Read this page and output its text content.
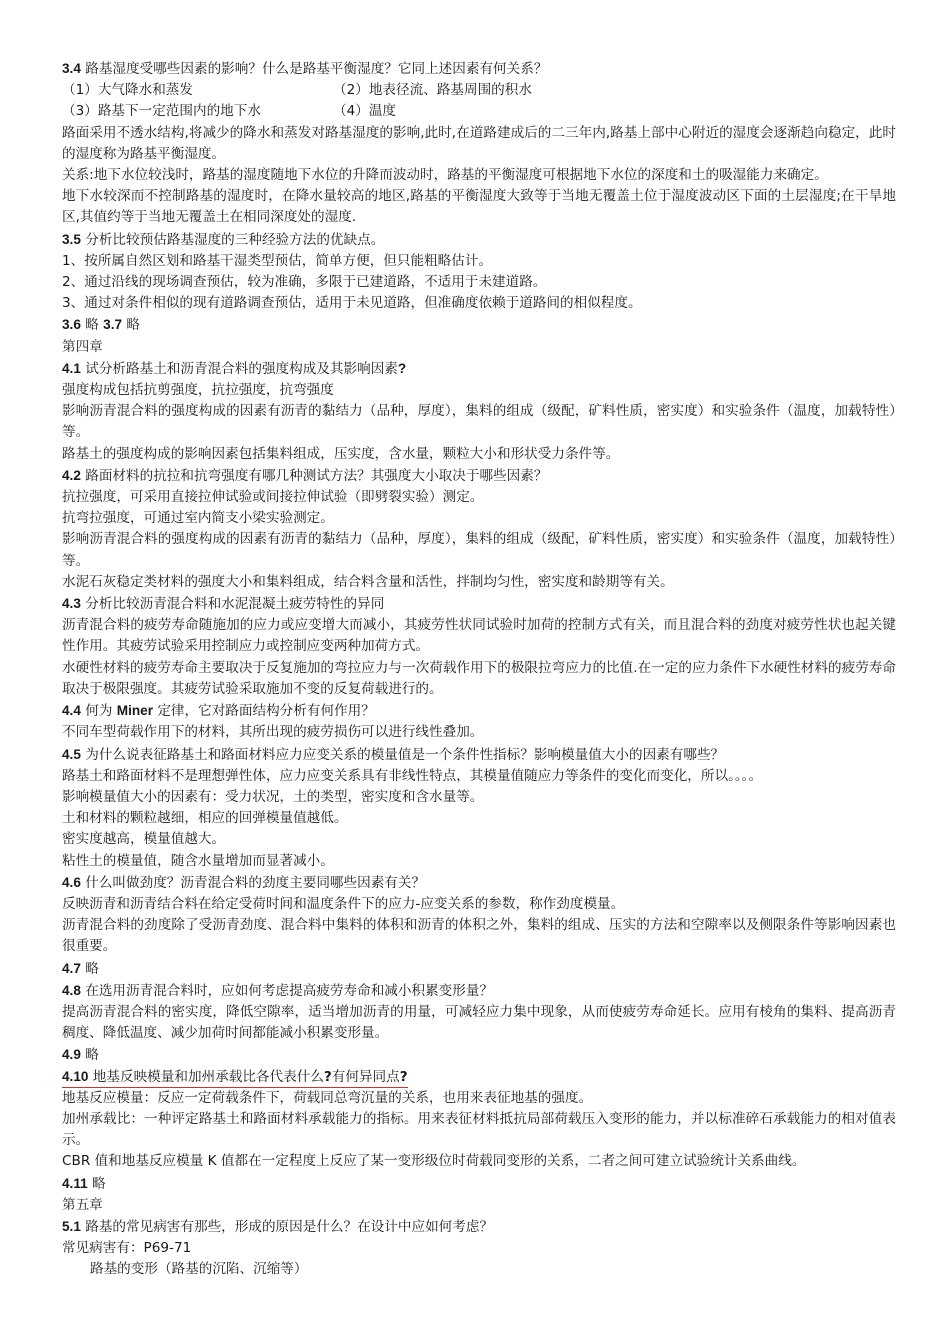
3.4 路基湿度受哪些因素的影响？什么是路基平衡湿度？它同上述因素有何关系？

（1）大气降水和蒸发	（2）地表径流、路基周围的积水
（3）路基下一定范围内的地下水	（4）温度

路面采用不透水结构,将减少的降水和蒸发对路基湿度的影响,此时,在道路建成后的二三年内,路基上部中心附近的湿度会逐渐趋向稳定，此时的湿度称为路基平衡湿度。

关系:地下水位较浅时，路基的湿度随地下水位的升降而波动时，路基的平衡湿度可根据地下水位的深度和土的吸湿能力来确定。

地下水较深而不控制路基的湿度时，在降水量较高的地区,路基的平衡湿度大致等于当地无覆盖土位于湿度波动区下面的土层湿度;在干旱地区,其值约等于当地无覆盖土在相同深度处的湿度.

3.5 分析比较预估路基湿度的三种经验方法的优缺点。

1、按所属自然区划和路基干湿类型预估，简单方便，但只能粗略估计。

2、通过沿线的现场调查预估，较为准确，多限于已建道路，不适用于未建道路。

3、通过对条件相似的现有道路调查预估，适用于未见道路，但准确度依赖于道路间的相似程度。

3.6 略 3.7 略

第四章

4.1 试分析路基土和沥青混合料的强度构成及其影响因素?

强度构成包括抗剪强度，抗拉强度，抗弯强度

影响沥青混合料的强度构成的因素有沥青的黏结力（品种，厚度），集料的组成（级配，矿料性质，密实度）和实验条件（温度，加载特性）等。

路基土的强度构成的影响因素包括集料组成，压实度，含水量，颗粒大小和形状受力条件等。

4.2 路面材料的抗拉和抗弯强度有哪几种测试方法？其强度大小取决于哪些因素？

抗拉强度，可采用直接拉伸试验或间接拉伸试验（即劈裂实验）测定。

抗弯拉强度，可通过室内简支小梁实验测定。

影响沥青混合料的强度构成的因素有沥青的黏结力（品种，厚度），集料的组成（级配，矿料性质，密实度）和实验条件（温度，加载特性）等。

水泥石灰稳定类材料的强度大小和集料组成，结合料含量和活性，拌制均匀性，密实度和龄期等有关。

4.3 分析比较沥青混合料和水泥混凝土疲劳特性的异同

沥青混合料的疲劳寿命随施加的应力或应变增大而减小，其疲劳性状同试验时加荷的控制方式有关，而且混合料的劲度对疲劳性状也起关键性作用。其疲劳试验采用控制应力或控制应变两种加荷方式。

水硬性材料的疲劳寿命主要取决于反复施加的弯拉应力与一次荷载作用下的极限拉弯应力的比值.在一定的应力条件下水硬性材料的疲劳寿命取决于极限强度。其疲劳试验采取施加不变的反复荷载进行的。

4.4 何为 Miner 定律，它对路面结构分析有何作用？

不同车型荷载作用下的材料，其所出现的疲劳损伤可以进行线性叠加。

4.5 为什么说表征路基土和路面材料应力应变关系的模量值是一个条件性指标？影响模量值大小的因素有哪些？

路基土和路面材料不是理想弹性体，应力应变关系具有非线性特点，其模量值随应力等条件的变化而变化，所以。。。。

影响模量值大小的因素有：受力状况，土的类型，密实度和含水量等。

土和材料的颗粒越细，相应的回弹模量值越低。

密实度越高，模量值越大。

粘性土的模量值，随含水量增加而显著减小。

4.6 什么叫做劲度？沥青混合料的劲度主要同哪些因素有关？

反映沥青和沥青结合料在给定受荷时间和温度条件下的应力-应变关系的参数，称作劲度模量。

沥青混合料的劲度除了受沥青劲度、混合料中集料的体积和沥青的体积之外，集料的组成、压实的方法和空隙率以及侧限条件等影响因素也很重要。

4.7 略

4.8 在选用沥青混合料时，应如何考虑提高疲劳寿命和减小积累变形量？

提高沥青混合料的密实度，降低空隙率，适当增加沥青的用量，可减轻应力集中现象，从而使疲劳寿命延长。应用有棱角的集料、提高沥青稠度、降低温度、减少加荷时间都能减小积累变形量。

4.9 略

4.10 地基反映模量和加州承载比各代表什么?有何异同点?

地基反应模量：反应一定荷载条件下，荷载同总弯沉量的关系，也用来表征地基的强度。

加州承载比：一种评定路基土和路面材料承载能力的指标。用来表征材料抵抗局部荷载压入变形的能力，并以标准碎石承载能力的相对值表示。

CBR 值和地基反应模量 K 值都在一定程度上反应了某一变形级位时荷载同变形的关系，二者之间可建立试验统计关系曲线。

4.11 略

第五章

5.1 路基的常见病害有那些，形成的原因是什么？在设计中应如何考虑？

常见病害有：P69-71

路基的变形（路基的沉陷、沉缩等）
